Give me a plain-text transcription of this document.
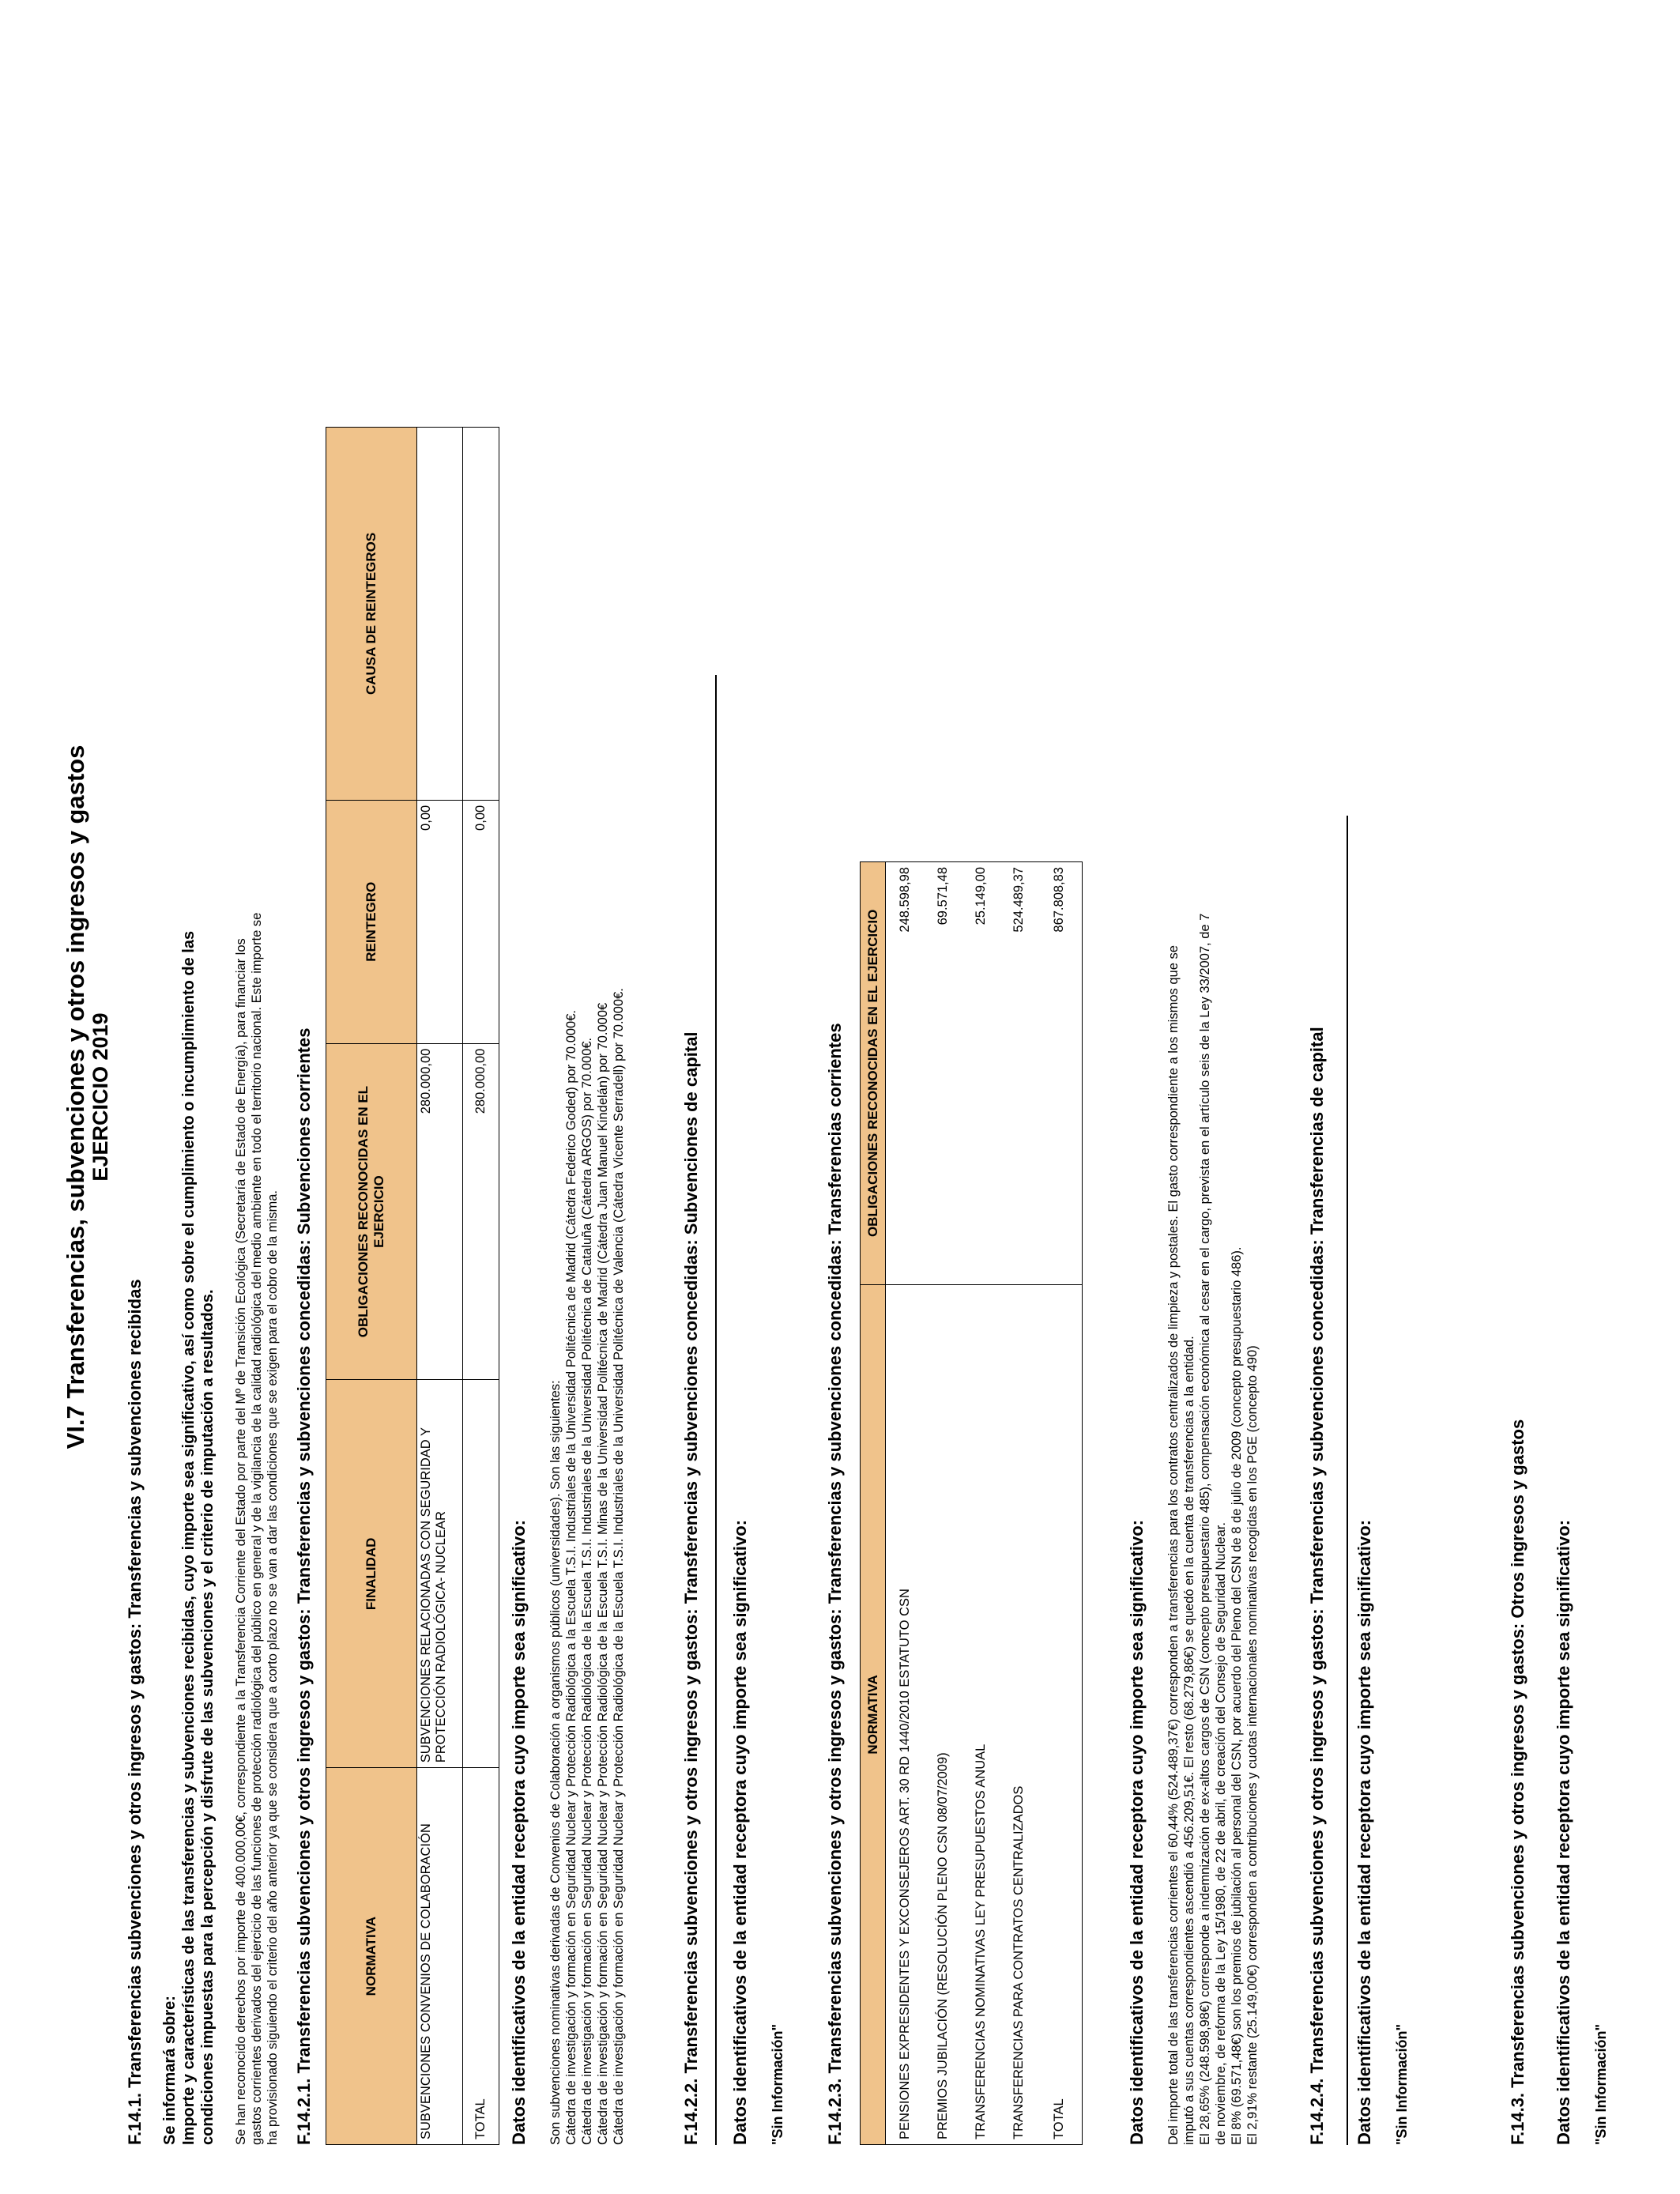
VI.7 Transferencias, subvenciones y otros ingresos y gastos EJERCICIO 2019
F.14.1. Transferencias subvenciones y otros ingresos y gastos: Transferencias y subvenciones recibidas Se informará sobre: Importe y características de las transferencias y subvenciones recibidas, cuyo importe sea significativo, así como sobre el cumplimiento o incumplimiento de las condiciones impuestas para la percepción y disfrute de las subvenciones y el criterio de imputación a resultados. Se han reconocido derechos por importe de 400.000,00€, correspondiente a la Transferencia Corriente del Estado por parte del Mº de Transición Ecológica (Secretaría de Estado de Energía), para financiar los gastos corrientes derivados del ejercicio de las funciones de protección radiológica del público en general y de la vigilancia de la calidad radiológica del medio ambiente en todo el territorio nacional. Este importe se ha provisionado siguiendo el criterio del año anterior ya que se considera que a corto plazo no se van a dar las condiciones que se exigen para el cobro de la misma. F.14.2.1. Transferencias subvenciones y otros ingresos y gastos: Transferencias y subvenciones concedidas: Subvenciones corrientes	NORMATIVA	FINALIDAD	OBLIGACIONES RECONOCIDAS EN EL EJERCICIO	REINTEGRO	CAUSA DE REINTEGROS
SUBVENCIONES CONVENIOS DE COLABORACIÓN	SUBVENCIONES RELACIONADAS CON SEGURIDAD Y PROTECCIÓN RADIOLÓGICA- NUCLEAR	280.000,00	0,00	
TOTAL		280.000,00	0,00	
Datos identificativos de la entidad receptora cuyo importe sea significativo: Son subvenciones nominativas derivadas de Convenios de Colaboración a organismos públicos (universidades). Son las siguientes: Cátedra de investigación y formación en Seguridad Nuclear y Protección Radiológica a la Escuela T.S.I. Industriales de la Universidad Politécnica de Madrid (Cátedra Federico Goded) por 70.000€. Cátedra de investigación y formación en Seguridad Nuclear y Protección Radiológica de la Escuela T.S.I. Industriales de la Universidad Politécnica de Cataluña (Cátedra ARGOS) por 70.000€. Cátedra de investigación y formación en Seguridad Nuclear y Protección Radiológica de la Escuela T.S.I. Minas de la Universidad Politécnica de Madrid (Cátedra Juan Manuel Kindelán) por 70.000€ Cátedra de investigación y formación en Seguridad Nuclear y Protección Radiológica de la Escuela T.S.I. Industriales de la Universidad Politécnica de Valencia (Cátedra Vicente Serradell) por 70.000€.	F.14.2.2. Transferencias subvenciones y otros ingresos y gastos: Transferencias y subvenciones concedidas: Subvenciones de capital Datos identificativos de la entidad receptora cuyo importe sea significativo: "Sin Información" F.14.2.3. Transferencias subvenciones y otros ingresos y gastos: Transferencias y subvenciones concedidas: Transferencias corrientes NORMATIVA	OBLIGACIONES RECONOCIDAS EN EL EJERCICIO
PENSIONES EXPRESIDENTES Y EXCONSEJEROS ART. 30 RD 1440/2010 ESTATUTO CSN	248.598,98
PREMIOS JUBILACIÓN (RESOLUCIÓN PLENO CSN 08/07/2009)	69.571,48
TRANSFERENCIAS NOMINATIVAS LEY PRESUPUESTOS ANUAL	25.149,00
TRANSFERENCIAS PARA CONTRATOS CENTRALIZADOS	524.489,37
TOTAL	867.808,83
Datos identificativos de la entidad receptora cuyo importe sea significativo: Del importe total de las transferencias corrientes el 60,44% (524.489,37€) corresponden a transferencias para los contratos centralizados de limpieza y postales. El gasto correspondiente a los mismos que se imputó a sus cuentas correspondientes ascendió a 456.209,51€. El resto (68.279,86€) se quedó en la cuenta de transferencias a la entidad. El 28,65% (248.598,98€) corresponde a indemnización de ex-altos cargos de CSN (concepto presupuestario 485), compensación económica al cesar en el cargo, prevista en el artículo seis de la Ley 33/2007, de 7 de noviembre, de reforma de la Ley 15/1980, de 22 de abril, de creación del Consejo de Seguridad Nuclear. El 8% (69.571,48€) son los premios de jubilación al personal del CSN, por acuerdo del Pleno del CSN de 8 de julio de 2009 (concepto presupuestario 486). El 2,91% restante (25.149,00€) corresponden a contribuciones y cuotas internacionales nominativas recogidas en los PGE (concepto 490)	F.14.2.4. Transferencias subvenciones y otros ingresos y gastos: Transferencias y subvenciones concedidas: Transferencias de capital Datos identificativos de la entidad receptora cuyo importe sea significativo: "Sin Información"	F.14.3. Transferencias subvenciones y otros ingresos y gastos: Otros ingresos y gastos Datos identificativos de la entidad receptora cuyo importe sea significativo: "Sin Información"
